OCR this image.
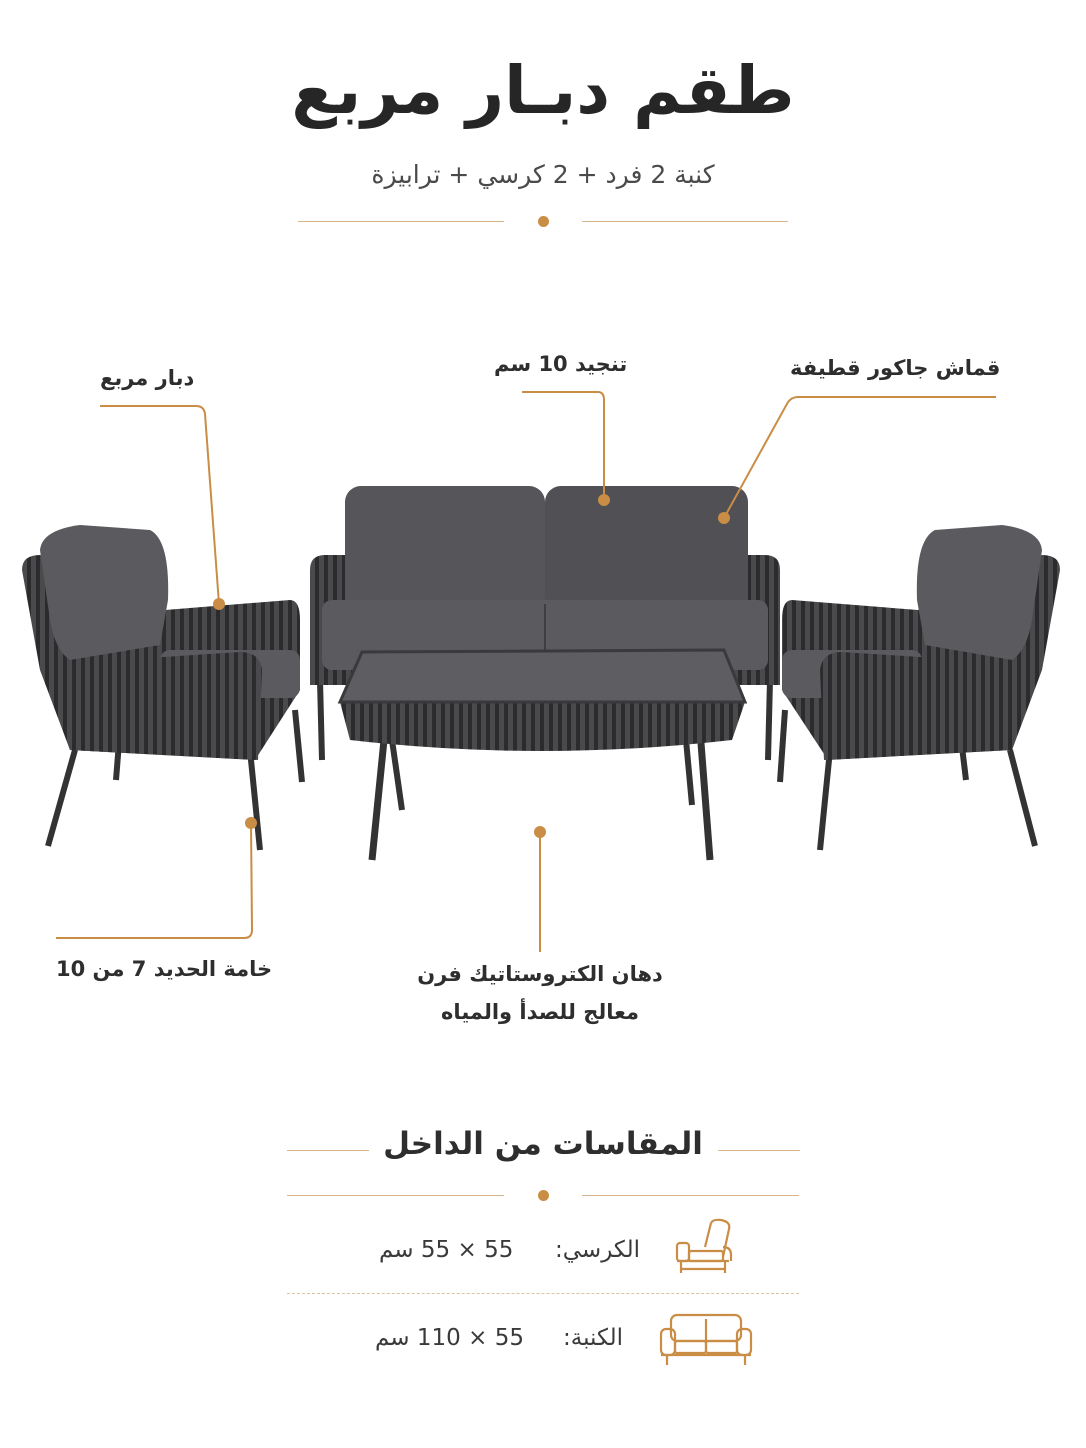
طقم دبـار مربع
كنبة 2 فرد + 2 كرسي + ترابيزة
دبار مربع
تنجيد 10 سم	قماش جاكور قطيفة
خامة الحديد 7 من 10	دهان الكتروستاتيك فرن
معالج للصدأ والمياه
المقاسات من الداخل
55 × 55 سم الكرسي:
55 × 110 سم الكنبة:
